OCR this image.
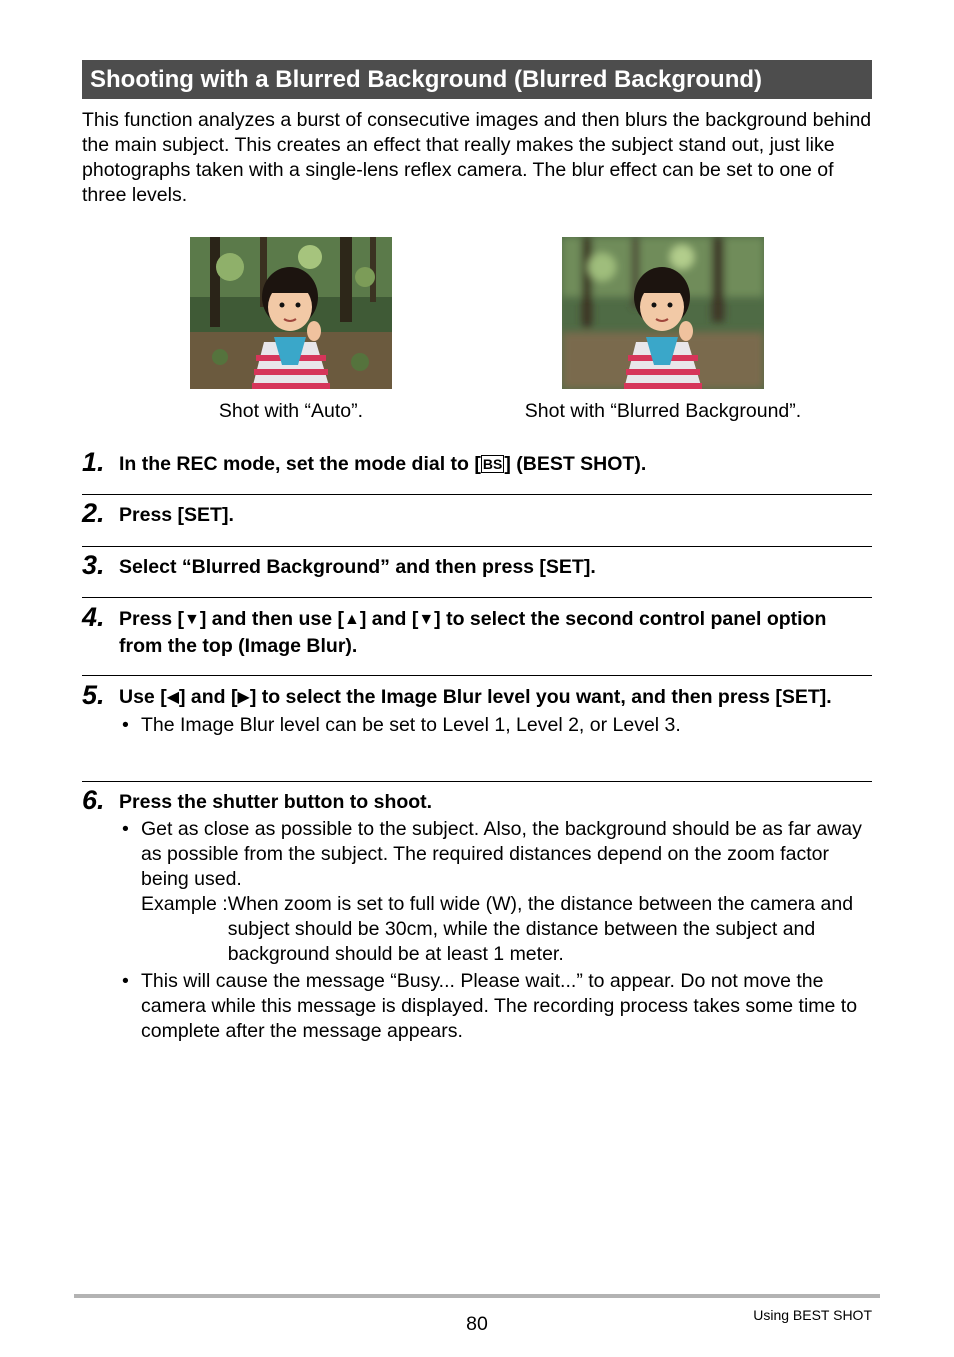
Shooting with a Blurred Background (Blurred Background)

This function analyzes a burst of consecutive images and then blurs the background behind the main subject. This creates an effect that really makes the subject stand out, just like photographs taken with a single-lens reflex camera. The blur effect can be set to one of three levels.

Shot with “Auto”.	Shot with “Blurred Background”.
1. In the REC mode, set the mode dial to [ BS ] (BEST SHOT).
2. Press [SET].
3. Select “Blurred Background” and then press [SET].
4. Press [▼] and then use [▲] and [▼] to select the second control panel option from the top (Image Blur).
5. Use [◀] and [▶] to select the Image Blur level you want, and then press [SET].
• The Image Blur level can be set to Level 1, Level 2, or Level 3.
6. Press the shutter button to shoot.
• Get as close as possible to the subject. Also, the background should be as far away as possible from the subject. The required distances depend on the zoom factor being used.
Example : When zoom is set to full wide (W), the distance between the camera and subject should be 30cm, while the distance between the subject and background should be at least 1 meter.
• This will cause the message “Busy... Please wait...” to appear. Do not move the camera while this message is displayed. The recording process takes some time to complete after the message appears.
80	Using BEST SHOT
